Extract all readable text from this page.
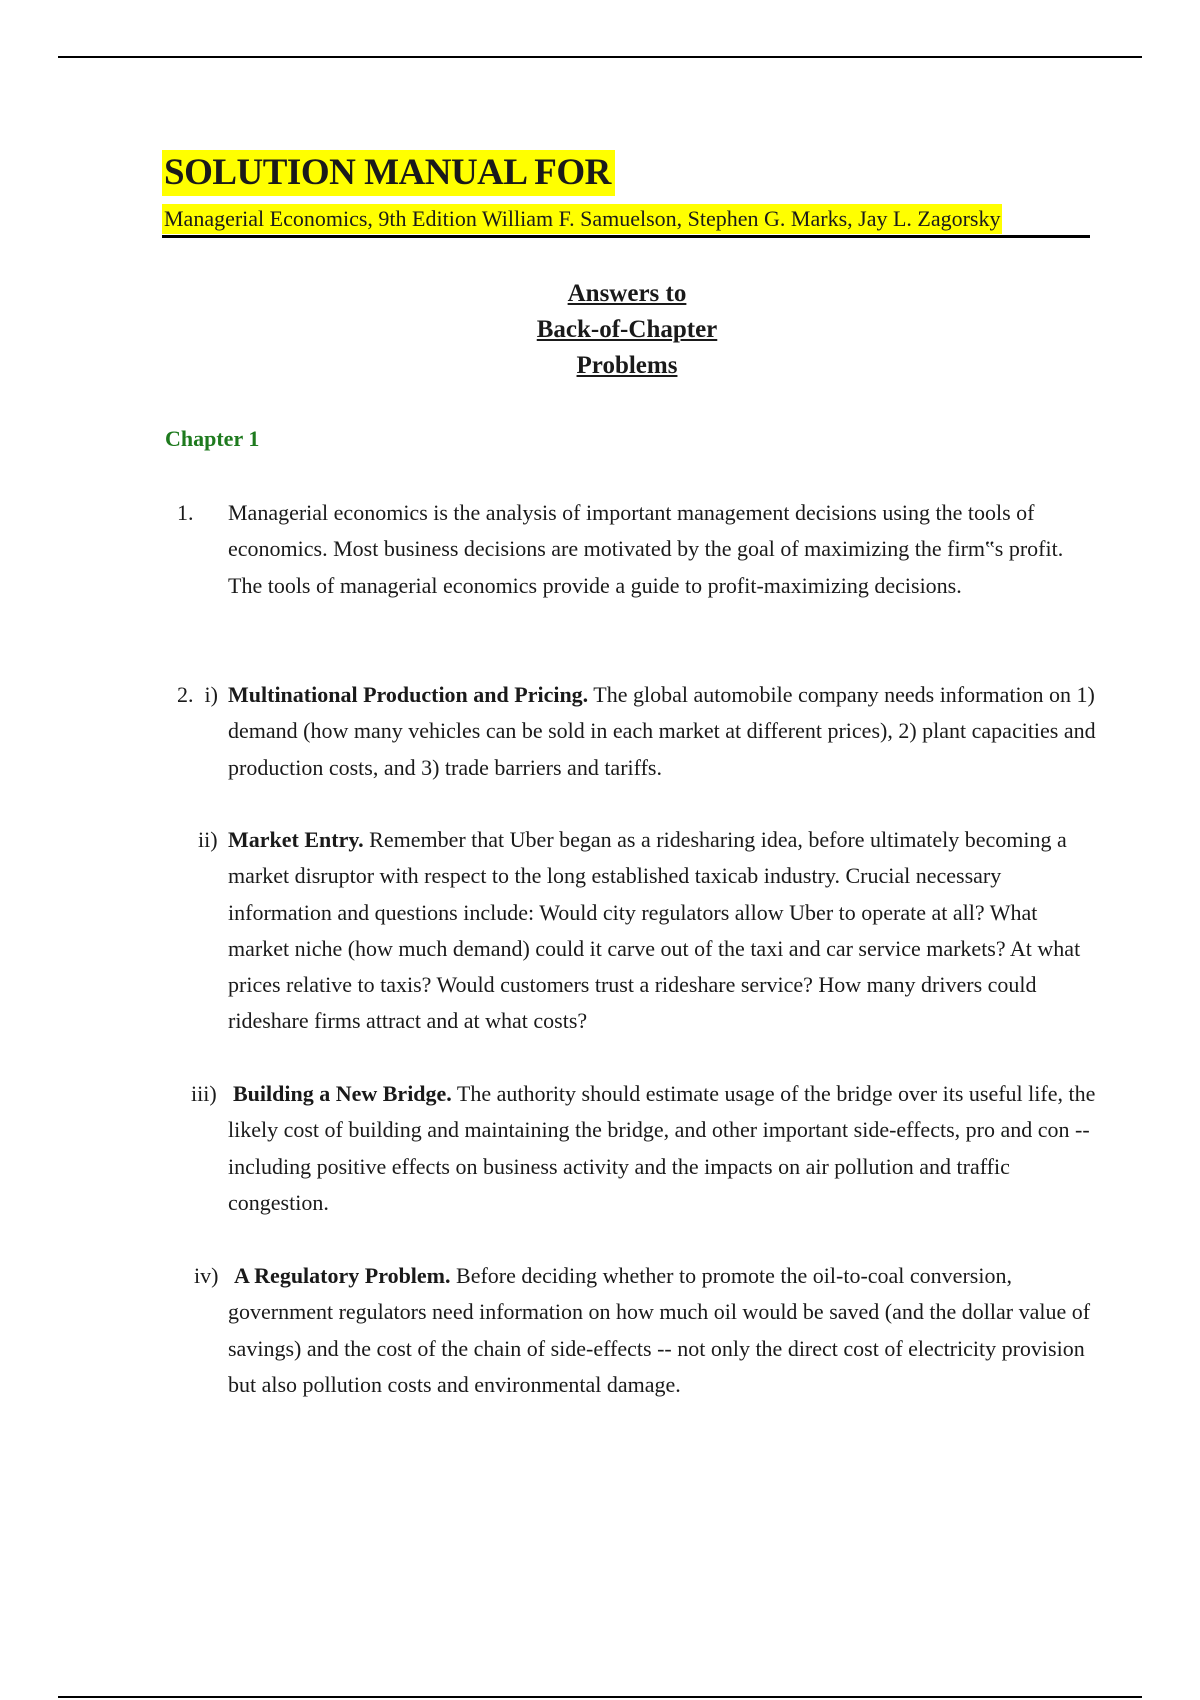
SOLUTION MANUAL FOR
Managerial Economics, 9th Edition William F. Samuelson, Stephen G. Marks, Jay L. Zagorsky
Answers to
Back-of-Chapter
Problems
Chapter 1
1. Managerial economics is the analysis of important management decisions using the tools of economics. Most business decisions are motivated by the goal of maximizing the firm‟s profit. The tools of managerial economics provide a guide to profit-maximizing decisions.

2.  i) Multinational Production and Pricing. The global automobile company needs information on 1) demand (how many vehicles can be sold in each market at different prices), 2) plant capacities and production costs, and 3) trade barriers and tariffs.

ii) Market Entry. Remember that Uber began as a ridesharing idea, before ultimately becoming a market disruptor with respect to the long established taxicab industry. Crucial necessary information and questions include: Would city regulators allow Uber to operate at all? What market niche (how much demand) could it carve out of the taxi and car service markets? At what prices relative to taxis? Would customers trust a rideshare service? How many drivers could rideshare firms attract and at what costs?

iii) Building a New Bridge. The authority should estimate usage of the bridge over its useful life, the likely cost of building and maintaining the bridge, and other important side-effects, pro and con -- including positive effects on business activity and the impacts on air pollution and traffic congestion.

iv) A Regulatory Problem. Before deciding whether to promote the oil-to-coal conversion, government regulators need information on how much oil would be saved (and the dollar value of savings) and the cost of the chain of side-effects -- not only the direct cost of electricity provision but also pollution costs and environmental damage.
